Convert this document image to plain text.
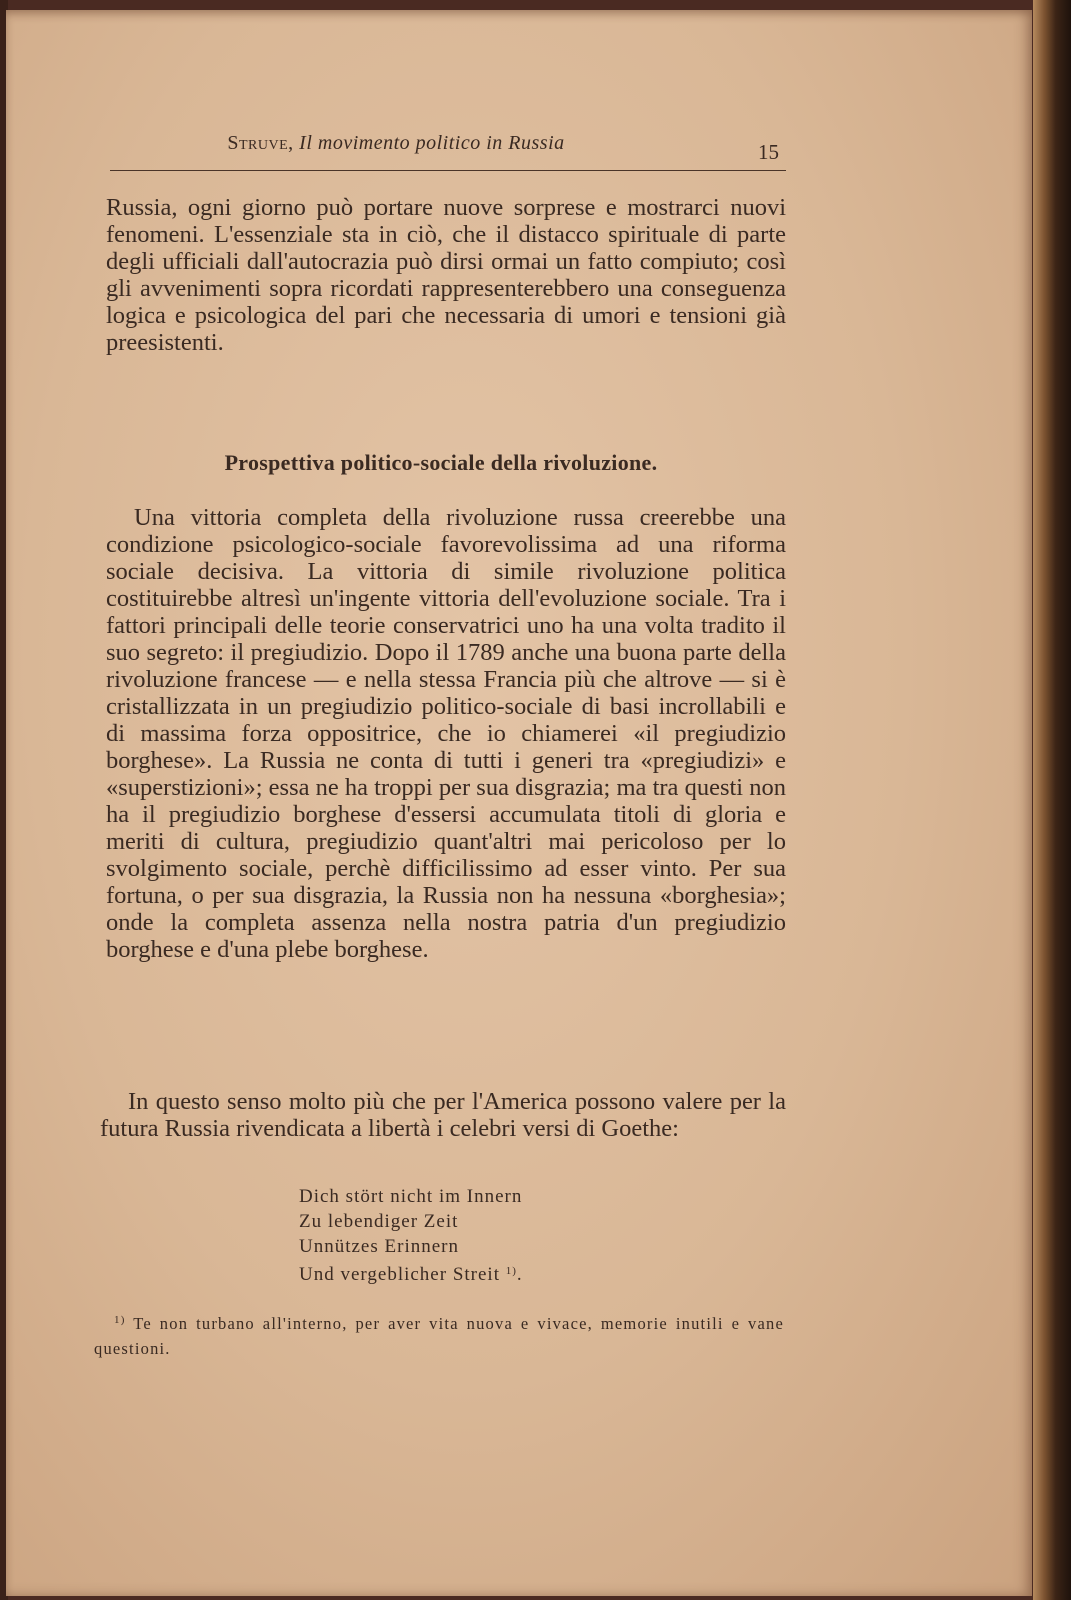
Struve, Il movimento politico in Russia	15
Russia, ogni giorno può portare nuove sorprese e mostrarci nuovi fenomeni. L'essenziale sta in ciò, che il distacco spirituale di parte degli ufficiali dall'autocrazia può dirsi ormai un fatto compiuto; così gli avvenimenti sopra ricordati rappresenterebbero una conseguenza logica e psicologica del pari che necessaria di umori e tensioni già preesistenti.
Prospettiva politico-sociale della rivoluzione.
Una vittoria completa della rivoluzione russa creerebbe una condizione psicologico-sociale favorevolissima ad una riforma sociale decisiva. La vittoria di simile rivoluzione politica costituirebbe altresì un'ingente vittoria dell'evoluzione sociale. Tra i fattori principali delle teorie conservatrici uno ha una volta tradito il suo segreto: il pregiudizio. Dopo il 1789 anche una buona parte della rivoluzione francese — e nella stessa Francia più che altrove — si è cristallizzata in un pregiudizio politico-sociale di basi incrollabili e di massima forza oppositrice, che io chiamerei «il pregiudizio borghese». La Russia ne conta di tutti i generi tra «pregiudizi» e «superstizioni»; essa ne ha troppi per sua disgrazia; ma tra questi non ha il pregiudizio borghese d'essersi accumulata titoli di gloria e meriti di cultura, pregiudizio quant'altri mai pericoloso per lo svolgimento sociale, perchè difficilissimo ad esser vinto. Per sua fortuna, o per sua disgrazia, la Russia non ha nessuna «borghesia»; onde la completa assenza nella nostra patria d'un pregiudizio borghese e d'una plebe borghese.
In questo senso molto più che per l'America possono valere per la futura Russia rivendicata a libertà i celebri versi di Goethe:
Dich stört nicht im Innern
Zu lebendiger Zeit
Unnützes Erinnern
Und vergeblicher Streit $^{1)}$.
$^{1)}$ Te non turbano all'interno, per aver vita nuova e vivace, memorie inutili e vane questioni.
